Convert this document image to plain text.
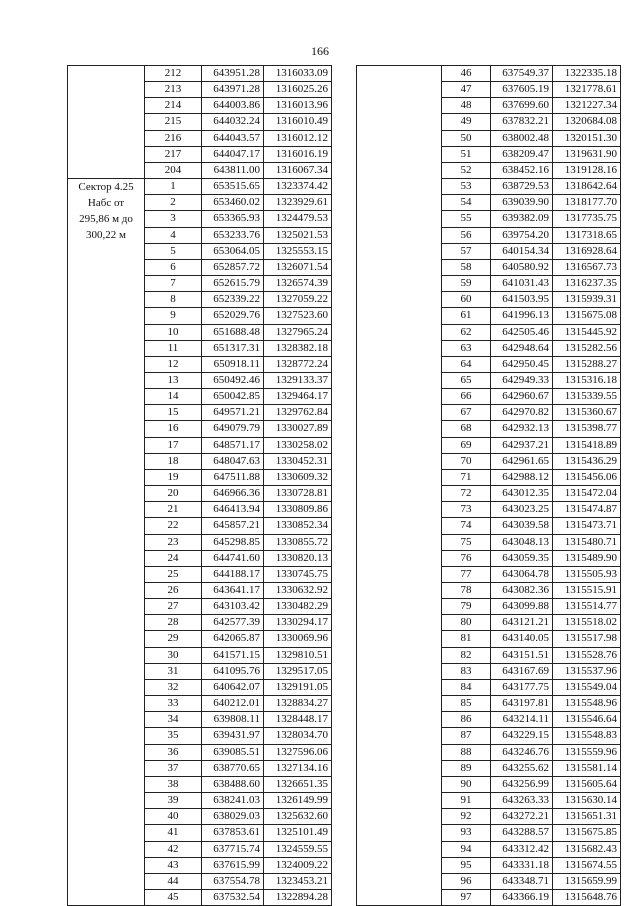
166
	212	643951.28	1316033.09
	213	643971.28	1316025.26
	214	644003.86	1316013.96
	215	644032.24	1316010.49
	216	644043.57	1316012.12
	217	644047.17	1316016.19
	204	643811.00	1316067.34

Сектор 4.25
Набс от
295,86 м до
300,22 м	1	653515.65	1323374.42
	2	653460.02	1323929.61
	3	653365.93	1324479.53
	4	653233.76	1325021.53
	5	653064.05	1325553.15
	6	652857.72	1326071.54
	7	652615.79	1326574.39
	8	652339.22	1327059.22
	9	652029.76	1327523.60
	10	651688.48	1327965.24
	11	651317.31	1328382.18
	12	650918.11	1328772.24
	13	650492.46	1329133.37
	14	650042.85	1329464.17
	15	649571.21	1329762.84
	16	649079.79	1330027.89
	17	648571.17	1330258.02
	18	648047.63	1330452.31
	19	647511.88	1330609.32
	20	646966.36	1330728.81
	21	646413.94	1330809.86
	22	645857.21	1330852.34
	23	645298.85	1330855.72
	24	644741.60	1330820.13
	25	644188.17	1330745.75
	26	643641.17	1330632.92
	27	643103.42	1330482.29
	28	642577.39	1330294.17
	29	642065.87	1330069.96
	30	641571.15	1329810.51
	31	641095.76	1329517.05
	32	640642.07	1329191.05
	33	640212.01	1328834.27
	34	639808.11	1328448.17
	35	639431.97	1328034.70
	36	639085.51	1327596.06
	37	638770.65	1327134.16
	38	638488.60	1326651.35
	39	638241.03	1326149.99
	40	638029.03	1325632.60
	41	637853.61	1325101.49
	42	637715.74	1324559.55
	43	637615.99	1324009.22
	44	637554.78	1323453.21
	45	637532.54	1322894.28
	46	637549.37	1322335.18
	47	637605.19	1321778.61
	48	637699.60	1321227.34
	49	637832.21	1320684.08
	50	638002.48	1320151.30
	51	638209.47	1319631.90
	52	638452.16	1319128.16
	53	638729.53	1318642.64
	54	639039.90	1318177.70
	55	639382.09	1317735.75
	56	639754.20	1317318.65
	57	640154.34	1316928.64
	58	640580.92	1316567.73
	59	641031.43	1316237.35
	60	641503.95	1315939.31
	61	641996.13	1315675.08
	62	642505.46	1315445.92
	63	642948.64	1315282.56
	64	642950.45	1315288.27
	65	642949.33	1315316.18
	66	642960.67	1315339.55
	67	642970.82	1315360.67
	68	642932.13	1315398.77
	69	642937.21	1315418.89
	70	642961.65	1315436.29
	71	642988.12	1315456.06
	72	643012.35	1315472.04
	73	643023.25	1315474.87
	74	643039.58	1315473.71
	75	643048.13	1315480.71
	76	643059.35	1315489.90
	77	643064.78	1315505.93
	78	643082.36	1315515.91
	79	643099.88	1315514.77
	80	643121.21	1315518.02
	81	643140.05	1315517.98
	82	643151.51	1315528.76
	83	643167.69	1315537.96
	84	643177.75	1315549.04
	85	643197.81	1315548.96
	86	643214.11	1315546.64
	87	643229.15	1315548.83
	88	643246.76	1315559.96
	89	643255.62	1315581.14
	90	643256.99	1315605.64
	91	643263.33	1315630.14
	92	643272.21	1315651.31
	93	643288.57	1315675.85
	94	643312.42	1315682.43
	95	643331.18	1315674.55
	96	643348.71	1315659.99
	97	643366.19	1315648.76
